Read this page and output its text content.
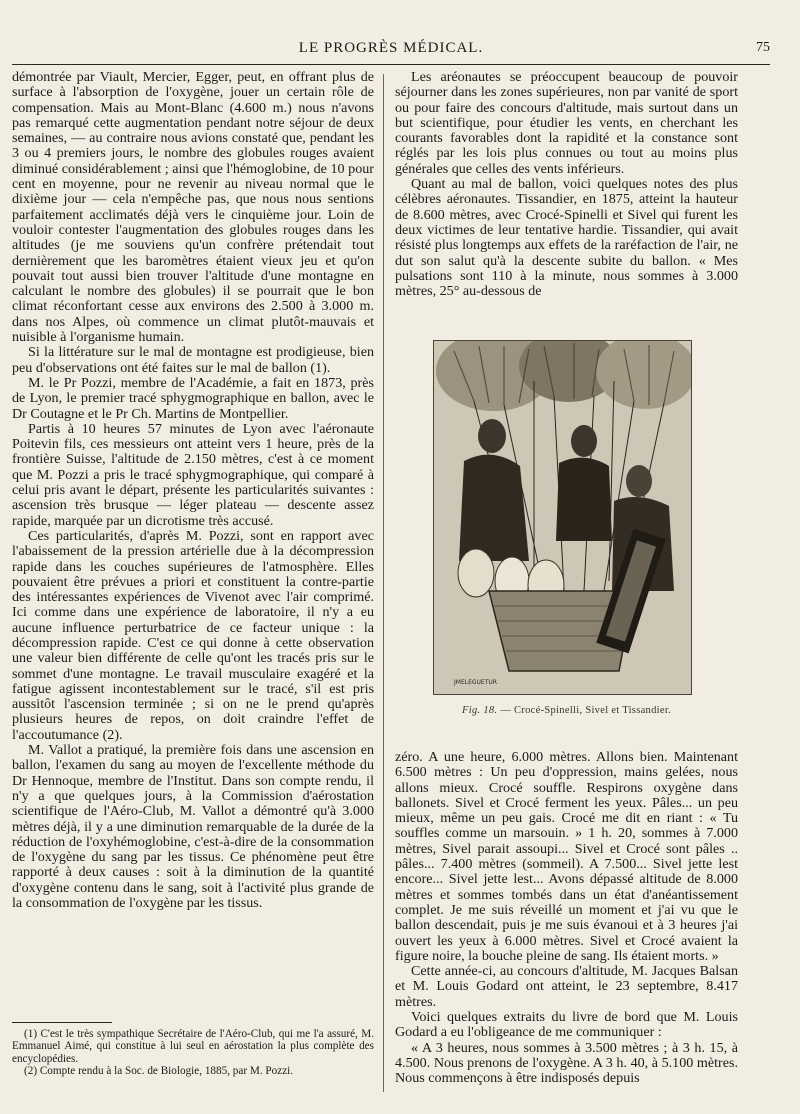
LE PROGRÈS MÉDICAL.	75

démontrée par Viault, Mercier, Egger, peut, en offrant plus de surface à l'absorption de l'oxygène, jouer un certain rôle de compensation. Mais au Mont-Blanc (4.600 m.) nous n'avons pas remarqué cette augmentation pendant notre séjour de deux semaines, — au contraire nous avions constaté que, pendant les 3 ou 4 premiers jours, le nombre des globules rouges avaient diminué considérablement ; ainsi que l'hémoglobine, de 10 pour cent en moyenne, pour ne revenir au niveau normal que le dixième jour — cela n'empêche pas, que nous nous sentions parfaitement acclimatés déjà vers le cinquième jour. Loin de vouloir contester l'augmentation des globules rouges dans les altitudes (je me souviens qu'un confrère prétendait tout dernièrement que les baromètres étaient vieux jeu et qu'on pouvait tout aussi bien trouver l'altitude d'une montagne en calculant le nombre des globules) il se pourrait que le bon climat réconfortant cesse aux environs des 2.500 à 3.000 m. dans nos Alpes, où commence un climat plutôt-mauvais et nuisible à l'organisme humain.

Si la littérature sur le mal de montagne est prodigieuse, bien peu d'observations ont été faites sur le mal de ballon (1).

M. le Pr Pozzi, membre de l'Académie, a fait en 1873, près de Lyon, le premier tracé sphygmographique en ballon, avec le Dr Coutagne et le Pr Ch. Martins de Montpellier.

Partis à 10 heures 57 minutes de Lyon avec l'aéronaute Poitevin fils, ces messieurs ont atteint vers 1 heure, près de la frontière Suisse, l'altitude de 2.150 mètres, c'est à ce moment que M. Pozzi a pris le tracé sphygmographique, qui comparé à celui pris avant le départ, présente les particularités suivantes : ascension très brusque — léger plateau — descente assez rapide, marquée par un dicrotisme très accusé.

Ces particularités, d'après M. Pozzi, sont en rapport avec l'abaissement de la pression artérielle due à la décompression rapide dans les couches supérieures de l'atmosphère. Elles pouvaient être prévues a priori et constituent la contre-partie des intéressantes expériences de Vivenot avec l'air comprimé. Ici comme dans une expérience de laboratoire, il n'y a eu aucune influence perturbatrice de ce facteur unique : la décompression rapide. C'est ce qui donne à cette observation une valeur bien différente de celle qu'ont les tracés pris sur le sommet d'une montagne. Le travail musculaire exagéré et la fatigue agissent incontestablement sur le tracé, s'il est pris aussitôt l'ascension terminée ; si on ne le prend qu'après plusieurs heures de repos, on doit craindre l'effet de l'accoutumance (2).

M. Vallot a pratiqué, la première fois dans une ascension en ballon, l'examen du sang au moyen de l'excellente méthode du Dr Hennoque, membre de l'Institut. Dans son compte rendu, il n'y a que quelques jours, à la Commission d'aérostation scientifique de l'Aéro-Club, M. Vallot a démontré qu'à 3.000 mètres déjà, il y a une diminution remarquable de la durée de la réduction de l'oxyhémoglobine, c'est-à-dire de la consommation de l'oxygène du sang par les tissus. Ce phénomène peut être rapporté à deux causes : soit à la diminution de la quantité d'oxygène contenu dans le sang, soit à l'activité plus grande de la consommation de l'oxygène par les tissus.

(1) C'est le très sympathique Secrétaire de l'Aéro-Club, qui me l'a assuré, M. Emmanuel Aimé, qui constitue à lui seul en aérostation la plus complète des encyclopédies.

(2) Compte rendu à la Soc. de Biologie, 1885, par M. Pozzi.

Les aréonautes se préoccupent beaucoup de pouvoir séjourner dans les zones supérieures, non par vanité de sport ou pour faire des concours d'altitude, mais surtout dans un but scientifique, pour étudier les vents, en cherchant les courants favorables dont la rapidité et la constance sont réglés par les lois plus connues ou tout au moins plus générales que celles des vents inférieurs.

Quant au mal de ballon, voici quelques notes des plus célèbres aéronautes. Tissandier, en 1875, atteint la hauteur de 8.600 mètres, avec Crocé-Spinelli et Sivel qui furent les deux victimes de leur tentative hardie. Tissandier, qui avait résisté plus longtemps aux effets de la raréfaction de l'air, ne dut son salut qu'à la descente subite du ballon. « Mes pulsations sont 110 à la minute, nous sommes à 3.000 mètres, 25° au-dessous de

JMELEGUETUR
Fig. 18. — Crocé-Spinelli, Sivel et Tissandier.

zéro. A une heure, 6.000 mètres. Allons bien. Maintenant 6.500 mètres : Un peu d'oppression, mains gelées, nous allons mieux. Crocé souffle. Respirons oxygène dans ballonets. Sivel et Crocé ferment les yeux. Pâles... un peu mieux, même un peu gais. Crocé me dit en riant : « Tu souffles comme un marsouin. » 1 h. 20, sommes à 7.000 mètres, Sivel parait assoupi... Sivel et Crocé sont pâles .. pâles... 7.400 mètres (sommeil). A 7.500... Sivel jette lest encore... Sivel jette lest... Avons dépassé altitude de 8.000 mètres et sommes tombés dans un état d'anéantissement complet. Je me suis réveillé un moment et j'ai vu que le ballon descendait, puis je me suis évanoui et à 3 heures j'ai ouvert les yeux à 6.000 mètres. Sivel et Crocé avaient la figure noire, la bouche pleine de sang. Ils étaient morts. »

Cette année-ci, au concours d'altitude, M. Jacques Balsan et M. Louis Godard ont atteint, le 23 septembre, 8.417 mètres.

Voici quelques extraits du livre de bord que M. Louis Godard a eu l'obligeance de me communiquer :

« A 3 heures, nous sommes à 3.500 mètres ; à 3 h. 15, à 4.500. Nous prenons de l'oxygène. A 3 h. 40, à 5.100 mètres. Nous commençons à être indisposés depuis
